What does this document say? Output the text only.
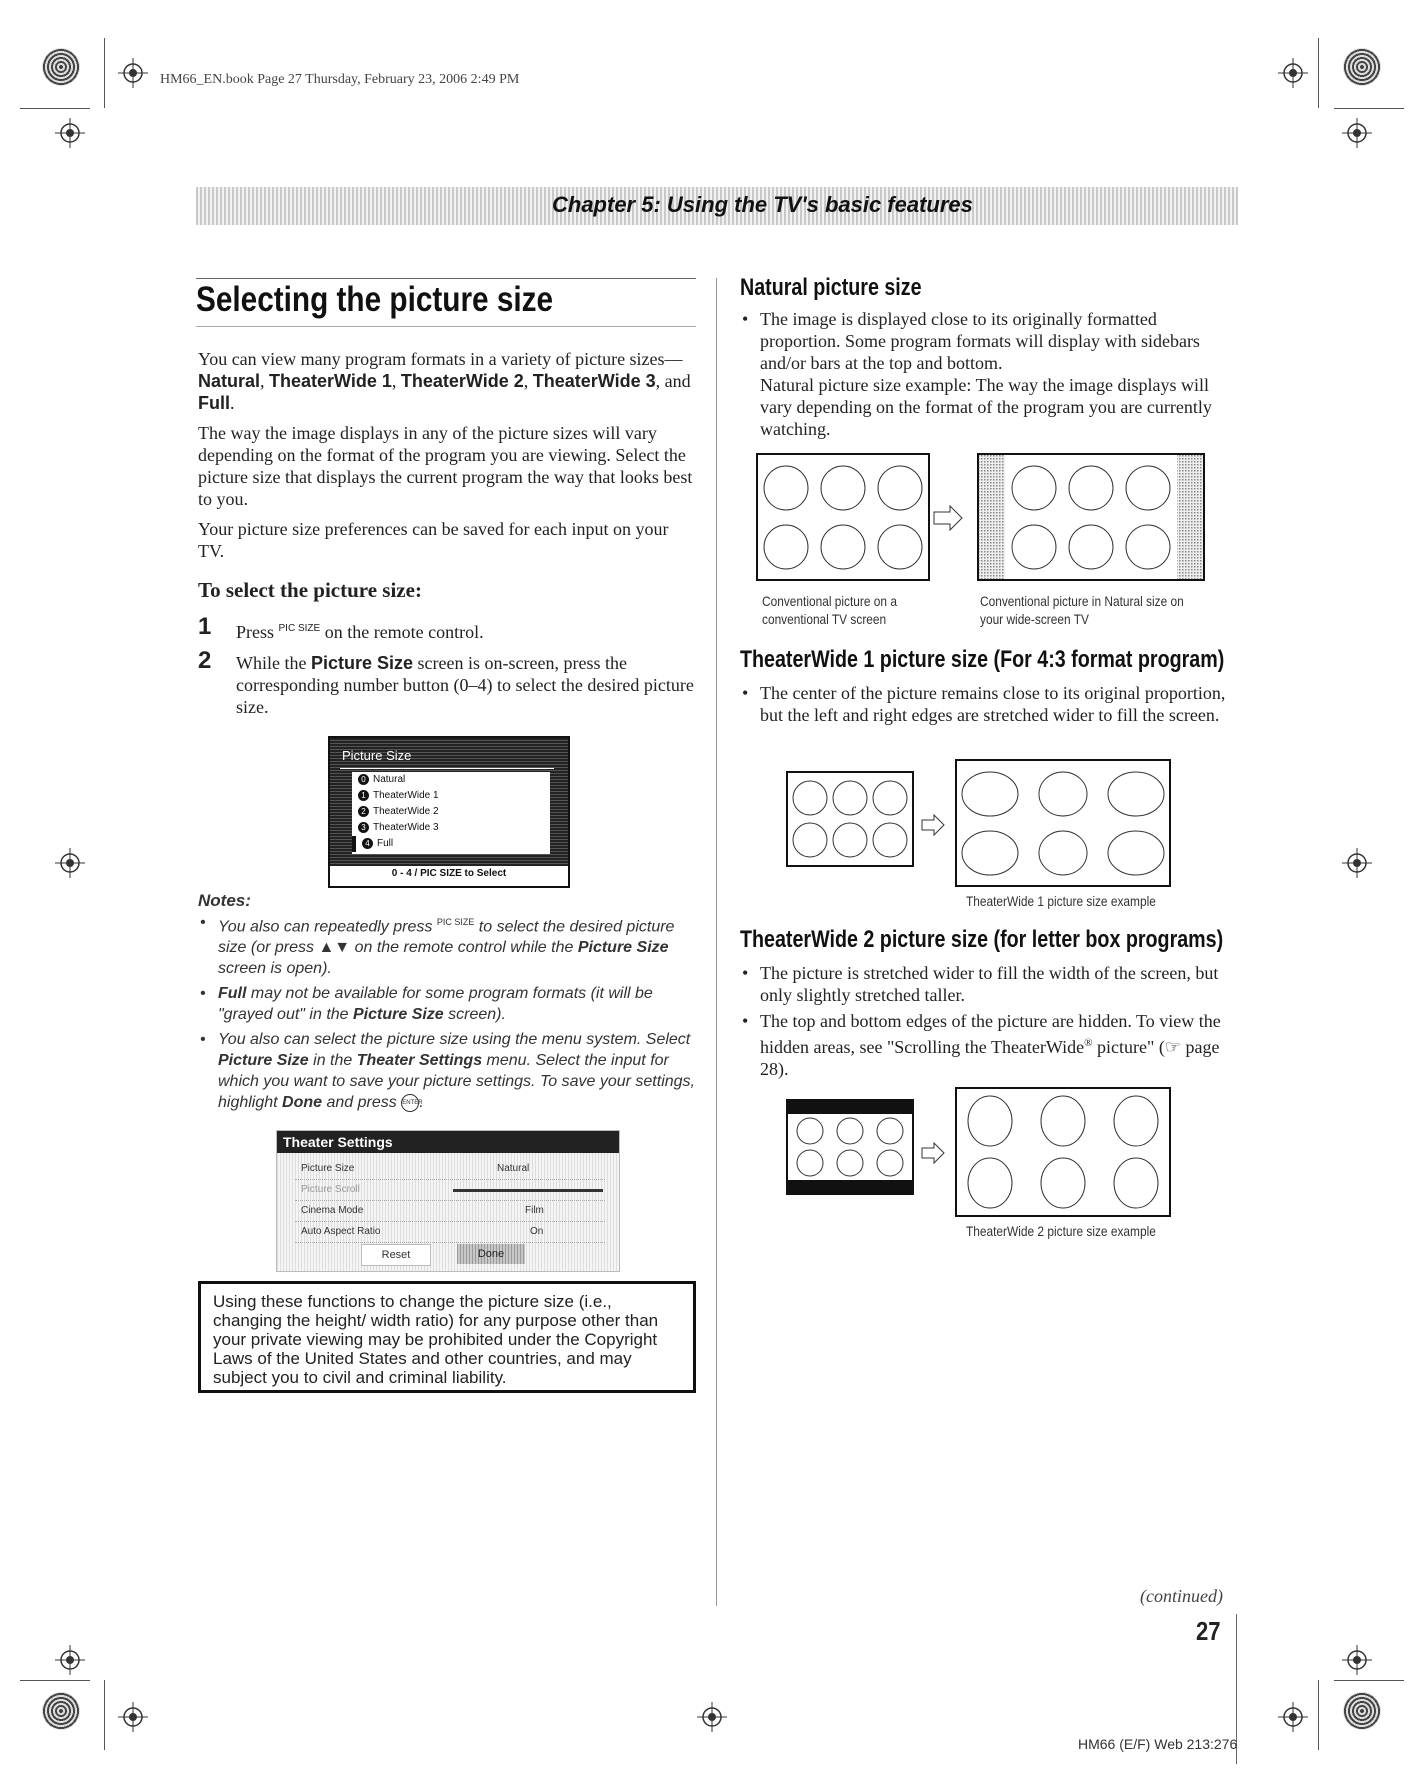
HM66_EN.book Page 27 Thursday, February 23, 2006 2:49 PM
Chapter 5: Using the TV's basic features
Selecting the picture size

You can view many program formats in a variety of picture sizes—Natural, TheaterWide 1, TheaterWide 2, TheaterWide 3, and Full.

The way the image displays in any of the picture sizes will vary depending on the format of the program you are viewing. Select the picture size that displays the current program the way that looks best to you.

Your picture size preferences can be saved for each input on your TV.

To select the picture size:
1 Press $^{PIC SIZE}$ on the remote control.
2 While the Picture Size screen is on-screen, press the corresponding number button (0–4) to select the desired picture size.
Picture Size
0 Natural
1 TheaterWide 1
2 TheaterWide 2
3 TheaterWide 3
4 Full
0 - 4 / PIC SIZE to Select
Notes:
• You also can repeatedly press $^{PIC SIZE}$ to select the desired picture size (or press ▲▼ on the remote control while the Picture Size screen is open).
• Full may not be available for some program formats (it will be "grayed out" in the Picture Size screen).
• You also can select the picture size using the menu system. Select Picture Size in the Theater Settings menu. Select the input for which you want to save your picture settings. To save your settings, highlight Done and press ENTER.
Theater Settings
Picture Size	Natural
Picture Scroll
Cinema Mode	Film
Auto Aspect Ratio	On
Reset	Done
Using these functions to change the picture size (i.e., changing the height/ width ratio) for any purpose other than your private viewing may be prohibited under the Copyright Laws of the United States and other countries, and may subject you to civil and criminal liability.
Natural picture size
• The image is displayed close to its originally formatted proportion. Some program formats will display with sidebars and/or bars at the top and bottom.
Natural picture size example: The way the image displays will vary depending on the format of the program you are currently watching.
Conventional picture on a
conventional TV screen
Conventional picture in Natural size on
your wide-screen TV
TheaterWide 1 picture size (For 4:3 format program)
• The center of the picture remains close to its original proportion, but the left and right edges are stretched wider to fill the screen.
TheaterWide 1 picture size example
TheaterWide 2 picture size (for letter box programs)
• The picture is stretched wider to fill the width of the screen, but only slightly stretched taller.
• The top and bottom edges of the picture are hidden. To view the hidden areas, see "Scrolling the TheaterWide® picture" (☞ page 28).
TheaterWide 2 picture size example
(continued)
27
HM66 (E/F) Web 213:276
